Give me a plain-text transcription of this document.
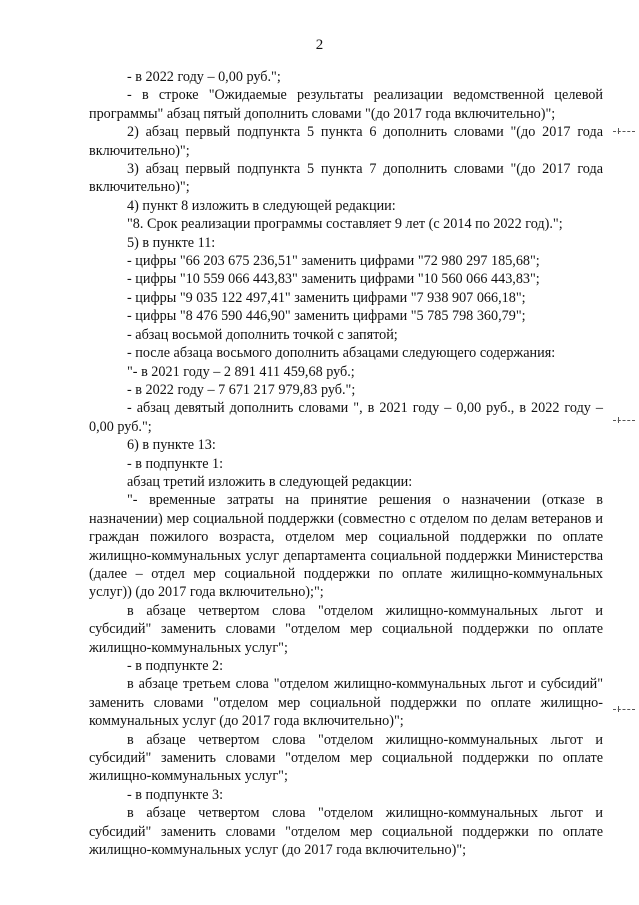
2

- в 2022 году – 0,00 руб.";

- в строке "Ожидаемые результаты реализации ведомственной целевой программы" абзац пятый дополнить словами "(до 2017 года включительно)";

2) абзац первый подпункта 5 пункта 6 дополнить словами "(до 2017 года включительно)";

3) абзац первый подпункта 5 пункта 7 дополнить словами "(до 2017 года включительно)";

4) пункт 8 изложить в следующей редакции:

"8. Срок реализации программы составляет 9 лет (с 2014 по 2022 год).";

5) в пункте 11:

- цифры "66 203 675 236,51" заменить цифрами "72 980 297 185,68";

- цифры "10 559 066 443,83" заменить цифрами "10 560 066 443,83";

- цифры "9 035 122 497,41" заменить цифрами "7 938 907 066,18";

- цифры "8 476 590 446,90" заменить цифрами "5 785 798 360,79";

- абзац восьмой дополнить точкой с запятой;

- после абзаца восьмого дополнить абзацами следующего содержания:

"- в 2021 году – 2 891 411 459,68 руб.;

- в 2022 году – 7 671 217 979,83 руб.";

- абзац девятый дополнить словами ", в 2021 году – 0,00 руб., в 2022 году – 0,00 руб.";

6) в пункте 13:

- в подпункте 1:

абзац третий изложить в следующей редакции:

"- временные затраты на принятие решения о назначении (отказе в назначении) мер социальной поддержки (совместно с отделом по делам ветеранов и граждан пожилого возраста, отделом мер социальной поддержки по оплате жилищно-коммунальных услуг департамента социальной поддержки Министерства (далее – отдел мер социальной поддержки по оплате жилищно-коммунальных услуг)) (до 2017 года включительно);";

в абзаце четвертом слова "отделом жилищно-коммунальных льгот и субсидий" заменить словами "отделом мер социальной поддержки по оплате жилищно-коммунальных услуг";

- в подпункте 2:

в абзаце третьем слова "отделом жилищно-коммунальных льгот и субсидий" заменить словами "отделом мер социальной поддержки по оплате жилищно-коммунальных услуг (до 2017 года включительно)";

в абзаце четвертом слова "отделом жилищно-коммунальных льгот и субсидий" заменить словами "отделом мер социальной поддержки по оплате жилищно-коммунальных услуг";

- в подпункте 3:

в абзаце четвертом слова "отделом жилищно-коммунальных льгот и субсидий" заменить словами "отделом мер социальной поддержки по оплате жилищно-коммунальных услуг (до 2017 года включительно)";
